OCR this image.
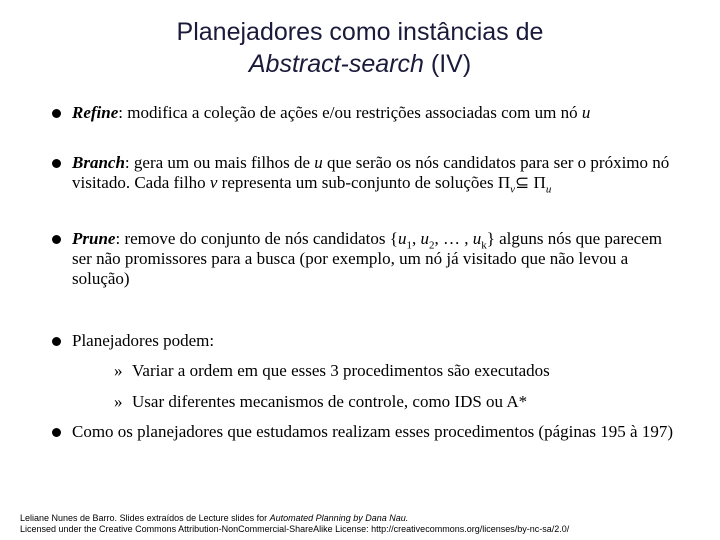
Planejadores como instâncias de
Abstract-search (IV)
Refine: modifica a coleção de ações e/ou restrições associadas com um nó u
Branch: gera um ou mais filhos de u que serão os nós candidatos para ser o próximo nó visitado. Cada filho v representa um sub-conjunto de soluções $\Pi_v⊆$ $\Pi_u$
Prune: remove do conjunto de nós candidatos {$u_1$, $u_2$, … , $u_k$} alguns nós que parecem ser não promissores para a busca (por exemplo, um nó já visitado que não levou a solução)
Planejadores podem:
» Variar a ordem em que esses 3 procedimentos são executados
» Usar diferentes mecanismos de controle, como IDS ou A*
Como os planejadores que estudamos realizam esses procedimentos (páginas 195 à 197)
Leliane Nunes de Barro. Slides extraídos de Lecture slides for Automated Planning by Dana Nau.
Licensed under the Creative Commons Attribution-NonCommercial-ShareAlike License: http://creativecommons.org/licenses/by-nc-sa/2.0/
